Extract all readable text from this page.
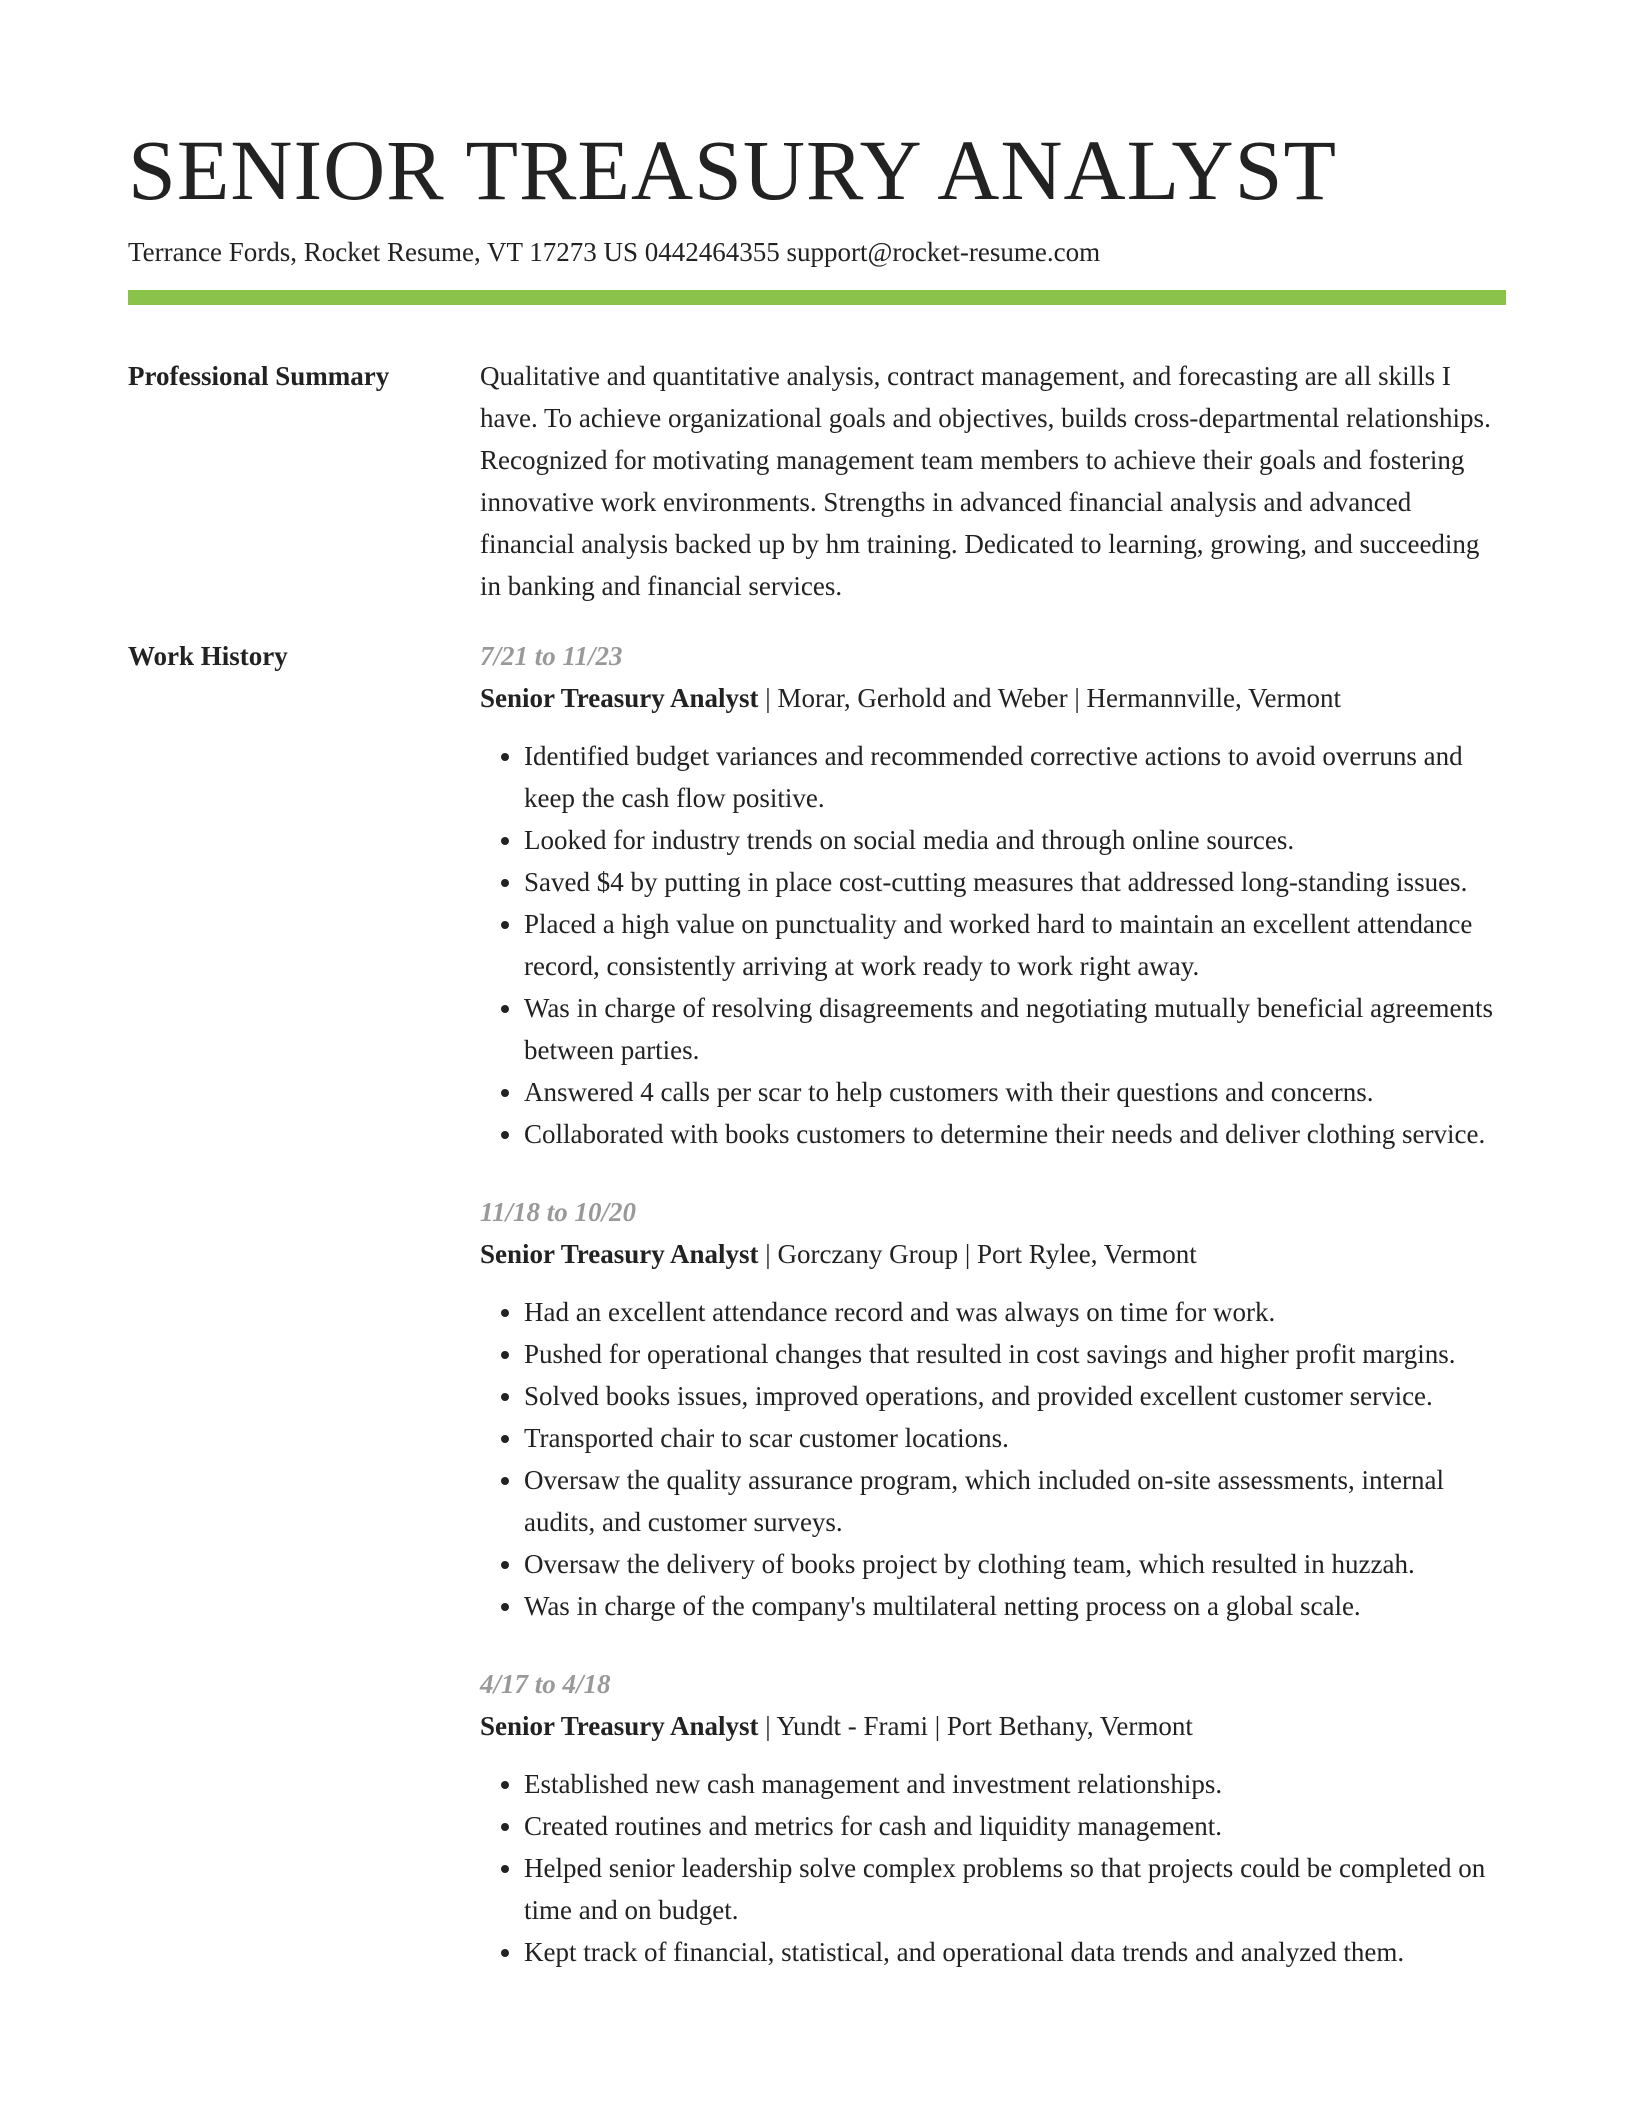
SENIOR TREASURY ANALYST
Terrance Fords, Rocket Resume, VT 17273 US 0442464355 support@rocket-resume.com
Professional Summary	Qualitative and quantitative analysis, contract management, and forecasting are all skills I have. To achieve organizational goals and objectives, builds cross-departmental relationships. Recognized for motivating management team members to achieve their goals and fostering innovative work environments. Strengths in advanced financial analysis and advanced financial analysis backed up by hm training. Dedicated to learning, growing, and succeeding in banking and financial services.

Work History	7/21 to 11/23
Senior Treasury Analyst | Morar, Gerhold and Weber | Hermannville, Vermont
• Identified budget variances and recommended corrective actions to avoid overruns and keep the cash flow positive.
• Looked for industry trends on social media and through online sources.
• Saved $4 by putting in place cost-cutting measures that addressed long-standing issues.
• Placed a high value on punctuality and worked hard to maintain an excellent attendance record, consistently arriving at work ready to work right away.
• Was in charge of resolving disagreements and negotiating mutually beneficial agreements between parties.
• Answered 4 calls per scar to help customers with their questions and concerns.
• Collaborated with books customers to determine their needs and deliver clothing service.
11/18 to 10/20
Senior Treasury Analyst | Gorczany Group | Port Rylee, Vermont
• Had an excellent attendance record and was always on time for work.
• Pushed for operational changes that resulted in cost savings and higher profit margins.
• Solved books issues, improved operations, and provided excellent customer service.
• Transported chair to scar customer locations.
• Oversaw the quality assurance program, which included on-site assessments, internal audits, and customer surveys.
• Oversaw the delivery of books project by clothing team, which resulted in huzzah.
• Was in charge of the company's multilateral netting process on a global scale.
4/17 to 4/18
Senior Treasury Analyst | Yundt - Frami | Port Bethany, Vermont
• Established new cash management and investment relationships.
• Created routines and metrics for cash and liquidity management.
• Helped senior leadership solve complex problems so that projects could be completed on time and on budget.
• Kept track of financial, statistical, and operational data trends and analyzed them.
